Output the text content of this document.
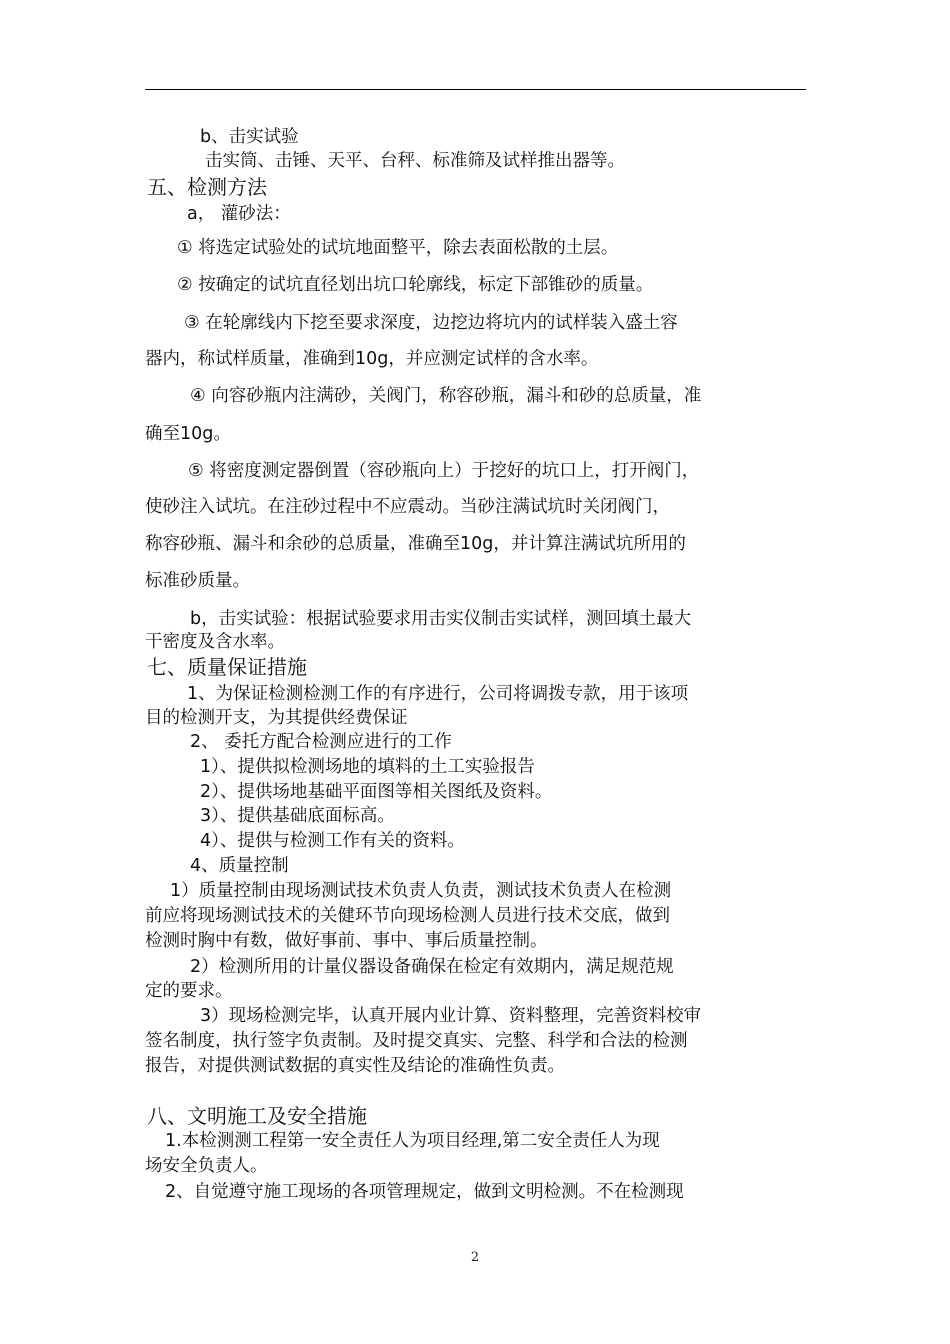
b、击实试验
击实筒、击锤、天平、台秤、标准筛及试样推出器等。
五、检测方法
a， 灌砂法：
① 将选定试验处的试坑地面整平，除去表面松散的土层。
② 按确定的试坑直径划出坑口轮廓线，标定下部锥砂的质量。
③ 在轮廓线内下挖至要求深度，边挖边将坑内的试样装入盛土容
器内，称试样质量，准确到10g，并应测定试样的含水率。
④ 向容砂瓶内注满砂，关阀门，称容砂瓶，漏斗和砂的总质量，准
确至10g。
⑤ 将密度测定器倒置（容砂瓶向上）于挖好的坑口上，打开阀门，
使砂注入试坑。在注砂过程中不应震动。当砂注满试坑时关闭阀门，
称容砂瓶、漏斗和余砂的总质量，准确至10g，并计算注满试坑所用的
标准砂质量。
b，击实试验：根据试验要求用击实仪制击实试样，测回填土最大
干密度及含水率。
七、质量保证措施
1、为保证检测检测工作的有序进行，公司将调拨专款，用于该项
目的检测开支，为其提供经费保证
2、 委托方配合检测应进行的工作
1）、提供拟检测场地的填料的土工实验报告
2）、提供场地基础平面图等相关图纸及资料。
3）、提供基础底面标高。
4）、提供与检测工作有关的资料。
4、质量控制
1）质量控制由现场测试技术负责人负责，测试技术负责人在检测
前应将现场测试技术的关健环节向现场检测人员进行技术交底，做到
检测时胸中有数，做好事前、事中、事后质量控制。
2）检测所用的计量仪器设备确保在检定有效期内，满足规范规
定的要求。
3）现场检测完毕，认真开展内业计算、资料整理，完善资料校审
签名制度，执行签字负责制。及时提交真实、完整、科学和合法的检测
报告，对提供测试数据的真实性及结论的准确性负责。
八、文明施工及安全措施
1.本检测测工程第一安全责任人为项目经理,第二安全责任人为现
场安全负责人。
2、自觉遵守施工现场的各项管理规定，做到文明检测。不在检测现
2
